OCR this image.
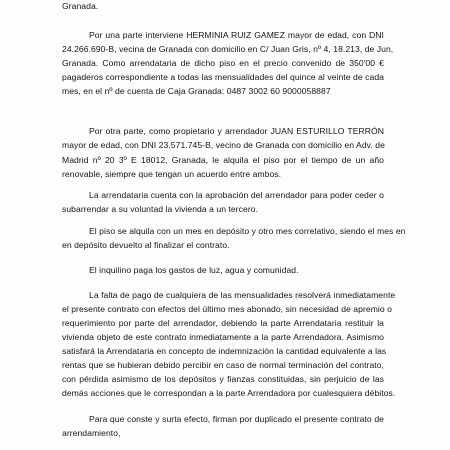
Granada.
Por una parte interviene HERMINIA RUIZ GAMEZ mayor de edad, con DNI
24.266.690-B, vecina de Granada con domicilio en C/ Juan Gris, nº 4, 18.213, de Jun,
Granada. Como arrendataria de dicho piso en el precio convenido de 350'00 €
pagaderos correspondiente a todas las mensualidades del quince al veinte de cada
mes, en el nº de cuenta de Caja Granada: 0487 3002 60 9000058887
Por otra parte, como propietario y arrendador JUAN ESTURILLO TERRÓN
mayor de edad, con DNI 23.571.745-B, vecino de Granada con domicilio en Adv. de
Madrid nº 20 3º E 18012, Granada, le alquila el piso por el tiempo de un año
renovable, siempre que tengan un acuerdo entre ambos.
La arrendataria cuenta con la aprobación del arrendador para poder ceder o
subarrendar a su voluntad la vivienda a un tercero.
El piso se alquila con un mes en depósito y otro mes correlativo, siendo el mes en
en depósito devuelto al finalizar el contrato.
El inquilino paga los gastos de luz, agua y comunidad.
La falta de pago de cualquiera de las mensualidades resolverá inmediatamente
el presente contrato con efectos del último mes abonado, sin necesidad de apremio o
requerimiento por parte del arrendador, debiendo la parte Arrendataria restituir la
vivienda objeto de este contrato inmediatamente a la parte Arrendadora. Asimismo
satisfará la Arrendataria en concepto de indemnización la cantidad equivalente a las
rentas que se hubieran debido percibir en caso de normal terminación del contrato,
con pérdida asimismo de los depósitos y fianzas constituidas, sin perjuicio de las
demás acciones que le correspondan a la parte Arrendadora por cualesquiera débitos.
Para que conste y surta efecto, firman por duplicado el presente contrato de
arrendamiento,
